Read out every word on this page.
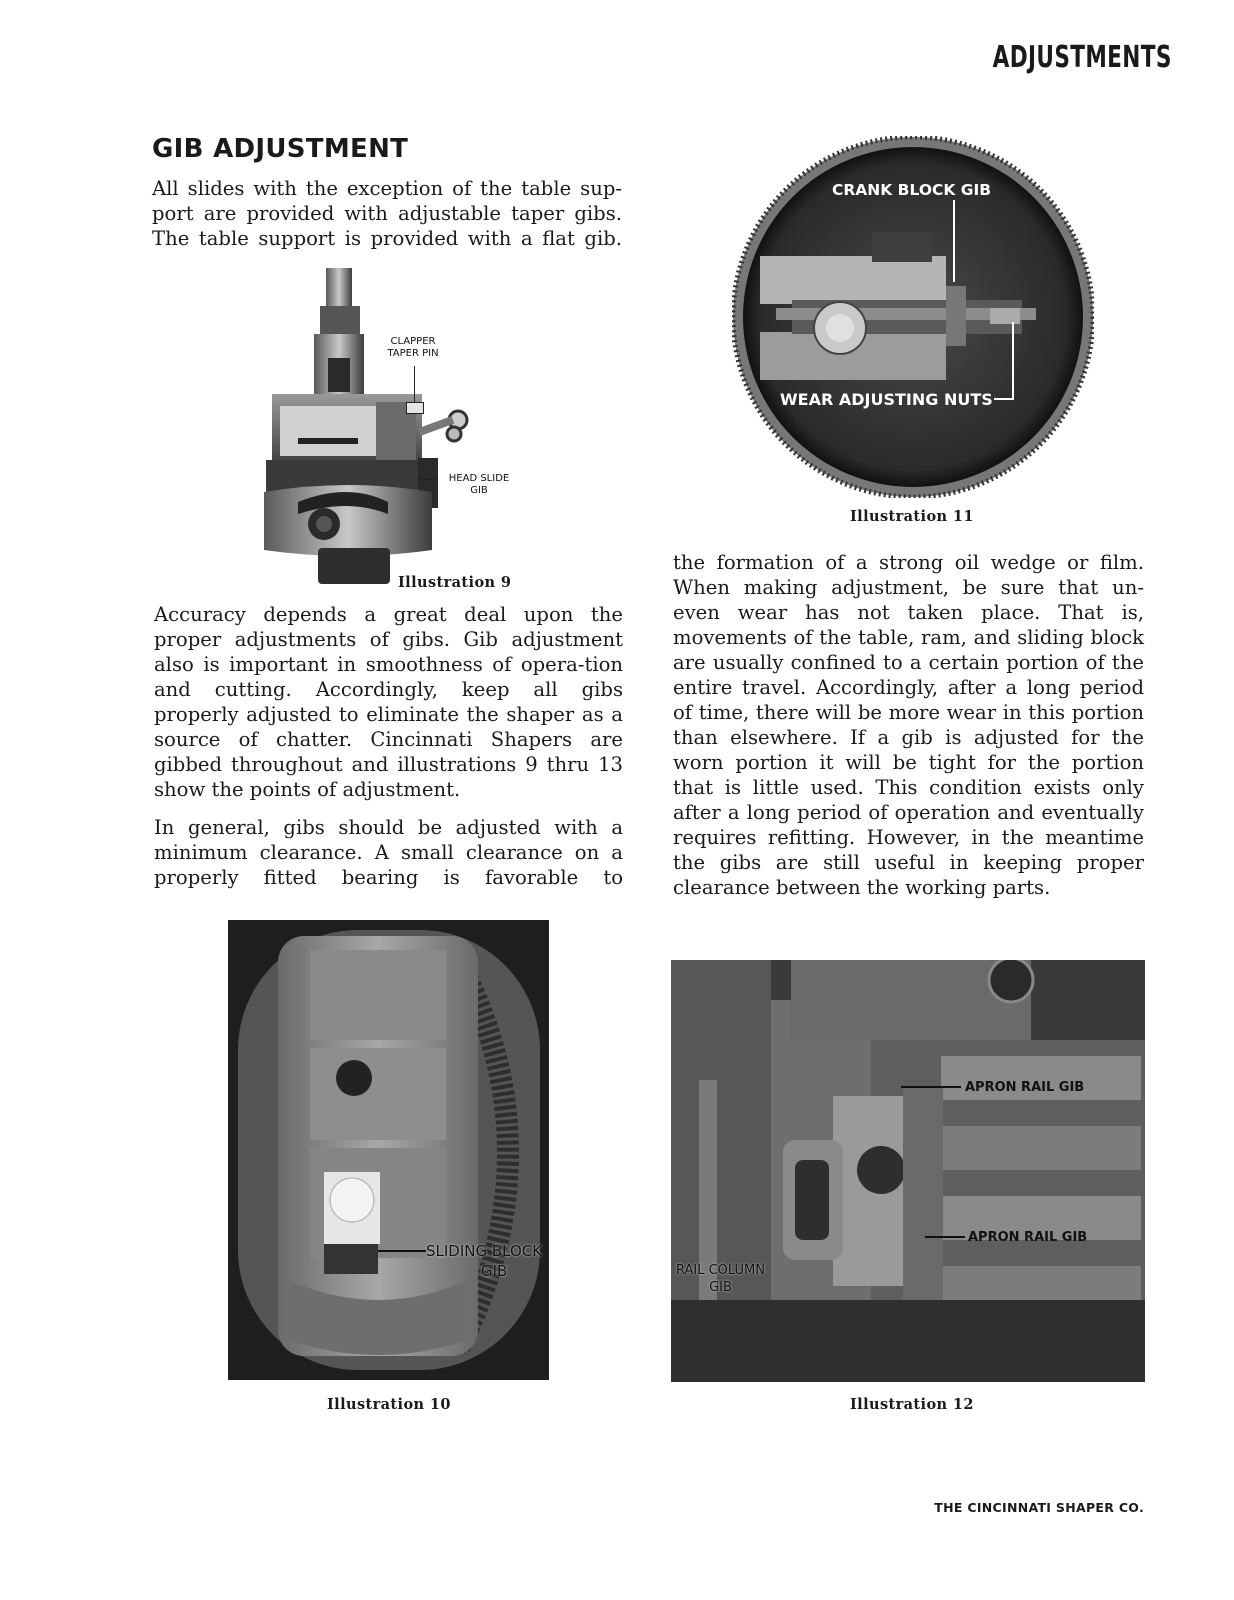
ADJUSTMENTS
GIB ADJUSTMENT
All slides with the exception of the table sup-
port are provided with adjustable taper gibs.
The table support is provided with a flat gib.
CLAPPER
TAPER PIN
HEAD SLIDE
GIB
Illustration 9
Accuracy depends a great deal upon the proper adjustments of gibs. Gib adjustment also is important in smoothness of opera-tion and cutting. Accordingly, keep all gibs properly adjusted to eliminate the shaper as a source of chatter. Cincinnati Shapers are gibbed throughout and illustrations 9 thru 13 show the points of adjustment.
In general, gibs should be adjusted with a minimum clearance. A small clearance on a properly fitted bearing is favorable to
CRANK BLOCK GIB
WEAR ADJUSTING NUTS
Illustration 11
the formation of a strong oil wedge or film. When making adjustment, be sure that un-even wear has not taken place. That is, movements of the table, ram, and sliding block are usually confined to a certain portion of the entire travel. Accordingly, after a long period of time, there will be more wear in this portion than elsewhere. If a gib is adjusted for the worn portion it will be tight for the portion that is little used. This condition exists only after a long period of operation and eventually requires refitting. However, in the meantime the gibs are still useful in keeping proper clearance between the working parts.
SLIDING BLOCK
GIB
Illustration 10
APRON RAIL GIB
APRON RAIL GIB
RAIL COLUMN
GIB
Illustration 12
THE CINCINNATI SHAPER CO.
